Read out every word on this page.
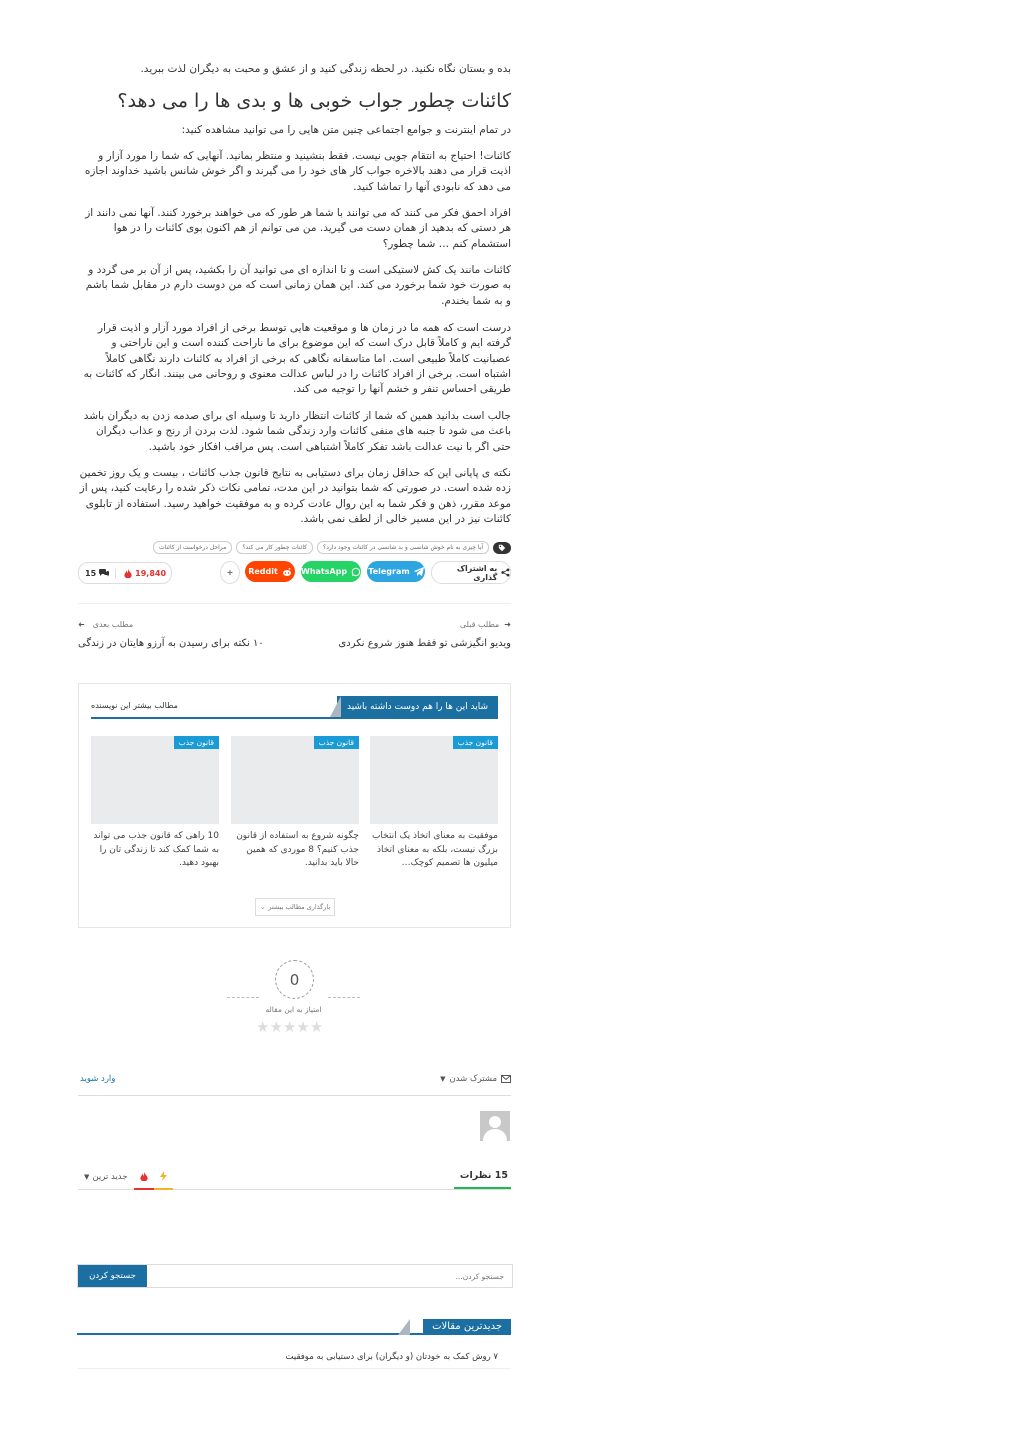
بده و بستان نگاه نکنید. در لحظه زندگی کنید و از عشق و محبت به دیگران لذت ببرید.

کائنات چطور جواب خوبی ها و بدی ها را می دهد؟

در تمام اینترنت و جوامع اجتماعی چنین متن هایی را می توانید مشاهده کنید:

کائنات! احتیاج به انتقام جویی نیست. فقط بنشینید و منتظر بمانید. آنهایی که شما را مورد آزار و اذیت قرار می دهند بالاخره جواب کار های خود را می گیرند و اگر خوش شانس باشید خداوند اجازه می دهد که نابودی آنها را تماشا کنید.

افراد احمق فکر می کنند که می توانند با شما هر طور که می خواهند برخورد کنند. آنها نمی دانند از هر دستی که بدهید از همان دست می گیرید. من می توانم از هم اکنون بوی کائنات را در هوا استشمام کنم … شما چطور؟

کائنات مانند یک کش لاستیکی است و تا اندازه ای می توانید آن را بکشید، پس از آن بر می گردد و به صورت خود شما برخورد می کند. این همان زمانی است که من دوست دارم در مقابل شما باشم و به شما بخندم.

درست است که همه ما در زمان ها و موقعیت هایی توسط برخی از افراد مورد آزار و اذیت قرار گرفته ایم و کاملاً قابل درک است که این موضوع برای ما ناراحت کننده است و این ناراحتی و عصبانیت کاملاً طبیعی است. اما متاسفانه نگاهی که برخی از افراد به کائنات دارند نگاهی کاملاً اشتباه است. برخی از افراد کائنات را در لباس عدالت معنوی و روحانی می بینند. انگار که کائنات به طریقی احساس تنفر و خشم آنها را توجیه می کند.

جالب است بدانید همین که شما از کائنات انتظار دارید تا وسیله ای برای صدمه زدن به دیگران باشد باعث می شود تا جنبه های منفی کائنات وارد زندگی شما شود. لذت بردن از رنج و عذاب دیگران حتی اگر با نیت عدالت باشد تفکر کاملاً اشتباهی است. پس مراقب افکار خود باشید.

نکته ی پایانی این که حداقل زمان برای دستیابی به نتایج قانون جذب کائنات ، بیست و یک روز تخمین زده شده است. در صورتی که شما بتوانید در این مدت، تمامی نکات ذکر شده را رعایت کنید، پس از موعد مقرر، ذهن و فکر شما به این روال عادت کرده و به موفقیت خواهید رسید. استفاده از تابلوی کائنات نیز در این مسیر خالی از لطف نمی باشد.

آیا چیزی به نام خوش شانسی و بد شانسی در کائنات وجود دارد؟
کائنات چطور کار می کند؟
مراحل درخواست از کائنات
به اشتراک گذاری
Telegram
WhatsApp
Reddit
+
19,840
15
➜
مطلب قبلی
ویدیو انگیزشی تو فقط هنوز شروع نکردی
مطلب بعدی
➜
۱۰ نکته برای رسیدن به آرزو هایتان در زندگی
شاید این ها را هم دوست داشته باشید
مطالب بیشتر این نویسنده
قانون جذب
موفقیت به معنای اتخاذ یک انتخاب بزرگ نیست، بلکه به معنای اتخاذ میلیون ها تصمیم کوچک…
قانون جذب
چگونه شروع به استفاده از قانون جذب کنیم؟ 8 موردی که همین حالا باید بدانید.
قانون جذب
10 راهی که قانون جذب می تواند به شما کمک کند تا زندگی تان را بهبود دهید.
بارگذاری مطالب بیشتر
⌄
0
امتیاز به این مقاله
★★★★★
مشترک شدن
▼
وارد شوید
15 نظرات
▼ جدید ترین
جستجو کردن...
جستجو کردن
جدیدترین مقالات
۷ روش کمک به خودتان (و دیگران) برای دستیابی به موفقیت
